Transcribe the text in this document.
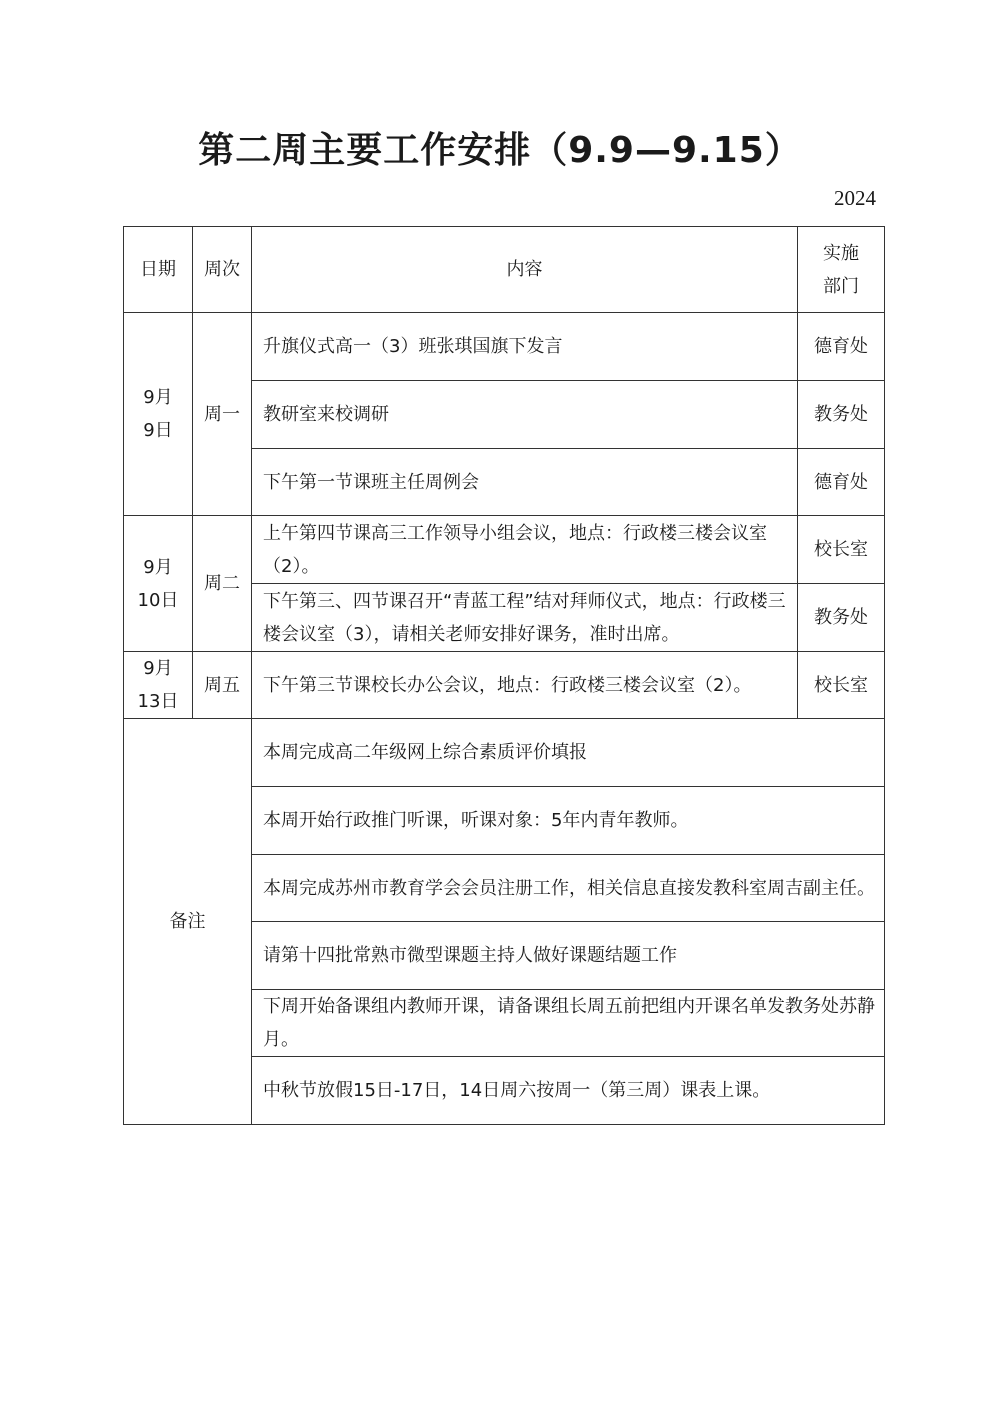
第二周主要工作安排（9.9—9.15）
2024
日期	周次	内容	实施
部门

9月
9日	周一	升旗仪式高一（3）班张琪国旗下发言	德育处
		教研室来校调研	教务处
		下午第一节课班主任周例会	德育处

9月
10日	周二	上午第四节课高三工作领导小组会议，地点：行政楼三楼会议室（2）。	校长室
		下午第三、四节课召开“青蓝工程”结对拜师仪式，地点：行政楼三楼会议室（3），请相关老师安排好课务，准时出席。	教务处

9月
13日	周五	下午第三节课校长办公会议，地点：行政楼三楼会议室（2）。	校长室
备注		本周完成高二年级网上综合素质评价填报	
		本周开始行政推门听课，听课对象：5年内青年教师。	
		本周完成苏州市教育学会会员注册工作，相关信息直接发教科室周吉副主任。	
		请第十四批常熟市微型课题主持人做好课题结题工作	
		下周开始备课组内教师开课，请备课组长周五前把组内开课名单发教务处苏静月。	
		中秋节放假15日-17日，14日周六按周一（第三周）课表上课。	
